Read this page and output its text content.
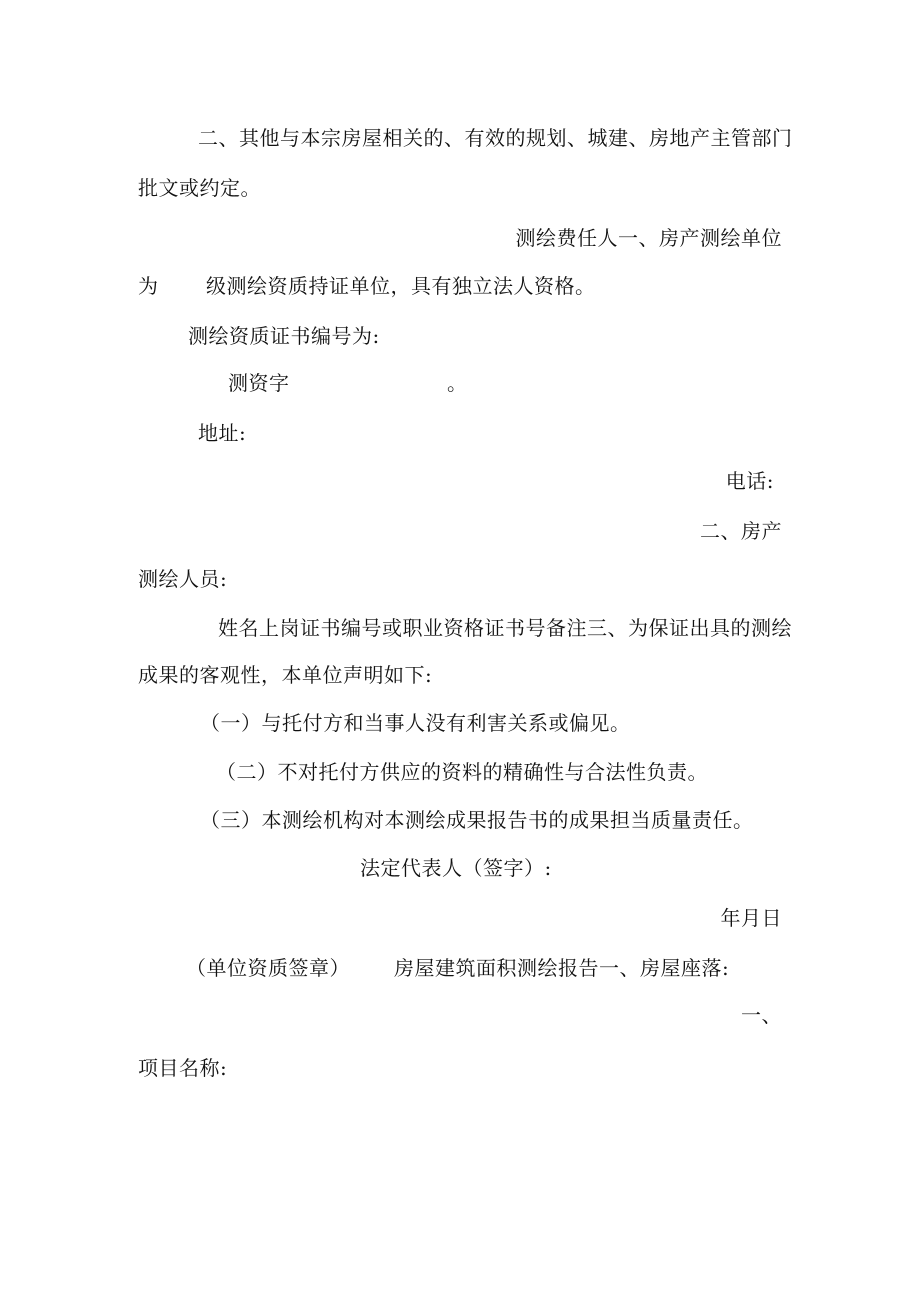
二、其他与本宗房屋相关的、有效的规划、城建、房地产主管部门
批文或约定。
测绘费任人一、房产测绘单位
为 级测绘资质持证单位，具有独立法人资格。
测绘资质证书编号为:
测资字	。
地址:
电话:
二、房产
测绘人员:
姓名上岗证书编号或职业资格证书号备注三、为保证出具的测绘
成果的客观性，本单位声明如下:
（一）与托付方和当事人没有利害关系或偏见。
（二）不对托付方供应的资料的精确性与合法性负责。
（三）本测绘机构对本测绘成果报告书的成果担当质量责任。
法定代表人（签字）:
年月日
（单位资质签章） 房屋建筑面积测绘报告一、房屋座落:
一、
项目名称:
